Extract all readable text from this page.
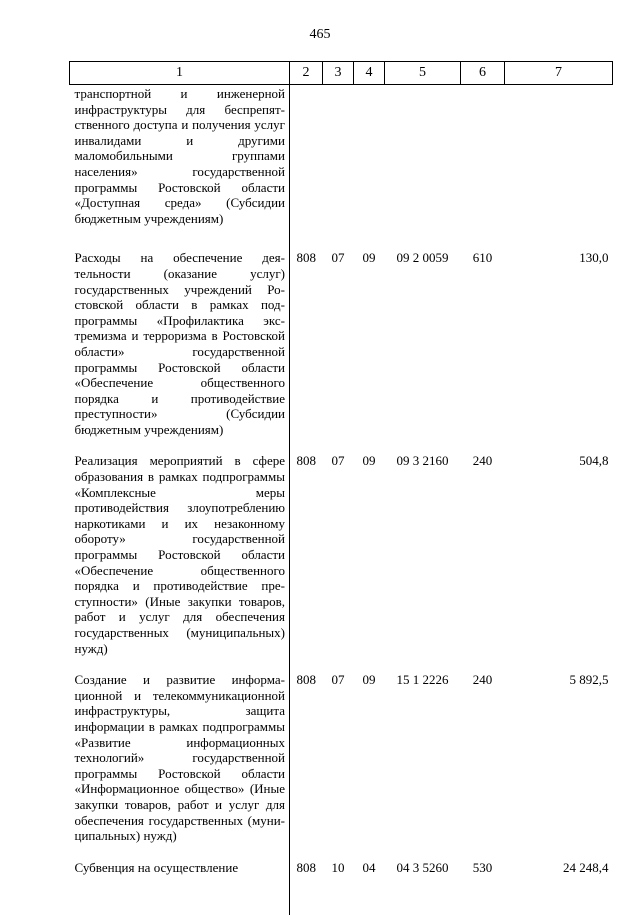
465
1	2	3	4	5	6	7
транспортной и инженерной инфраструктуры для беспрепятственного доступа и получения услуг инвалидами и другими маломобильными группами населения» государственной программы Ростовской области «Доступная среда» (Субсидии бюджетным учреждениям)						
Расходы на обеспечение деятельности (оказание услуг) государственных учреждений Ростовской области в рамках подпрограммы «Профилактика экстремизма и терроризма в Ростовской области» государственной программы Ростовской области «Обеспечение общественного порядка и противодействие преступности» (Субсидии бюджетным учреждениям)	808	07	09	09 2 0059	610	130,0
Реализация мероприятий в сфере образования в рамках подпрограммы «Комплексные меры противодействия злоупотреблению наркотиками и их незаконному обороту» государственной программы Ростовской области «Обеспечение общественного порядка и противодействие преступности» (Иные закупки товаров, работ и услуг для обеспечения государственных (муниципальных) нужд)	808	07	09	09 3 2160	240	504,8
Создание и развитие информационной и телекоммуникационной инфраструктуры, защита информации в рамках подпрограммы «Развитие информационных технологий» государственной программы Ростовской области «Информационное общество» (Иные закупки товаров, работ и услуг для обеспечения государственных (муниципальных) нужд)	808	07	09	15 1 2226	240	5 892,5
Субвенция на осуществление	808	10	04	04 3 5260	530	24 248,4
